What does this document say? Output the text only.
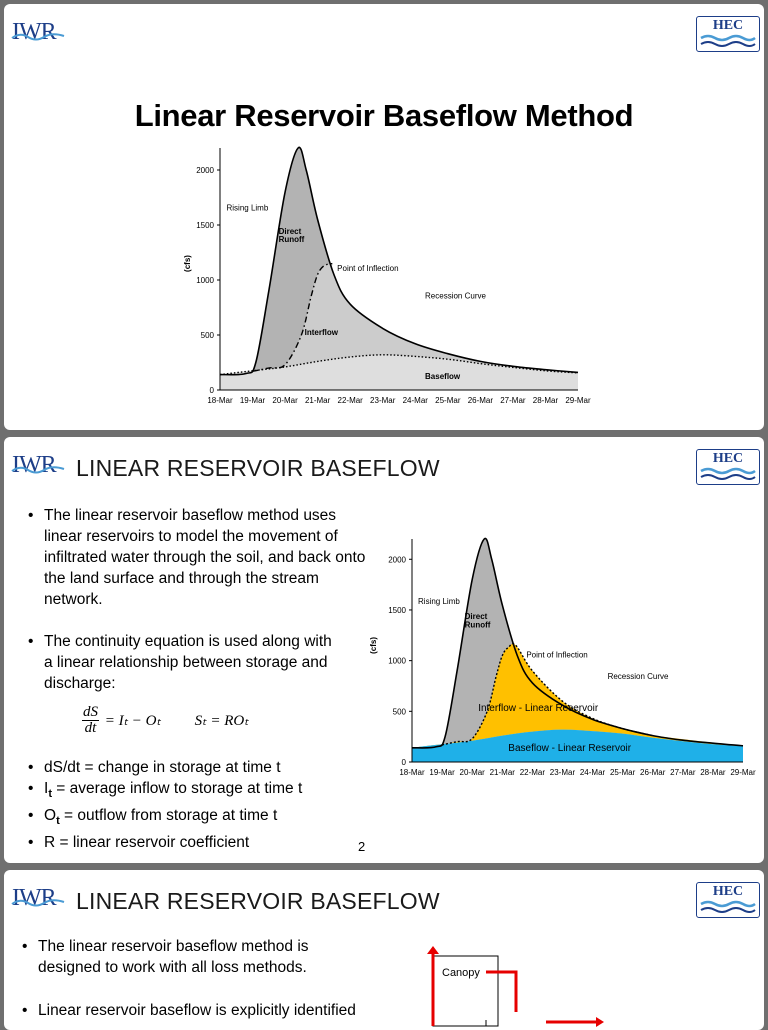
IWR	HEC
Linear Reservoir Baseflow Method
0
500
1000
1500
2000
18-Mar 19-Mar 20-Mar 21-Mar 22-Mar 23-Mar 24-Mar 25-Mar 26-Mar 27-Mar 28-Mar 29-Mar
(cfs)
Rising Limb
Direct Runoff
Point of Inflection
Recession Curve
Interflow
Baseflow
IWR	HEC
LINEAR RESERVOIR BASEFLOW
• The linear reservoir baseflow method uses linear reservoirs to model the movement of infiltrated water through the soil, and back onto the land surface and through the stream network.
• The continuity equation is used along with a linear relationship between storage and discharge:
$\frac{dS}{dt} = I_t - O_t$ Sₜ = ROₜ
• dS/dt = change in storage at time t
• $I_t$ = average inflow to storage at time t
• $O_t$ = outflow from storage at time t
• R = linear reservoir coefficient	2
0
500
1000
1500
2000
18-Mar 19-Mar 20-Mar 21-Mar 22-Mar 23-Mar 24-Mar 25-Mar 26-Mar 27-Mar 28-Mar 29-Mar
(cfs)
Rising Limb
Direct Runoff
Point of Inflection
Recession Curve
Interflow - Linear Reservoir
Baseflow - Linear Reservoir
IWR	HEC
LINEAR RESERVOIR BASEFLOW
• The linear reservoir baseflow method is designed to work with all loss methods.
• Linear reservoir baseflow is explicitly identified
Canopy
